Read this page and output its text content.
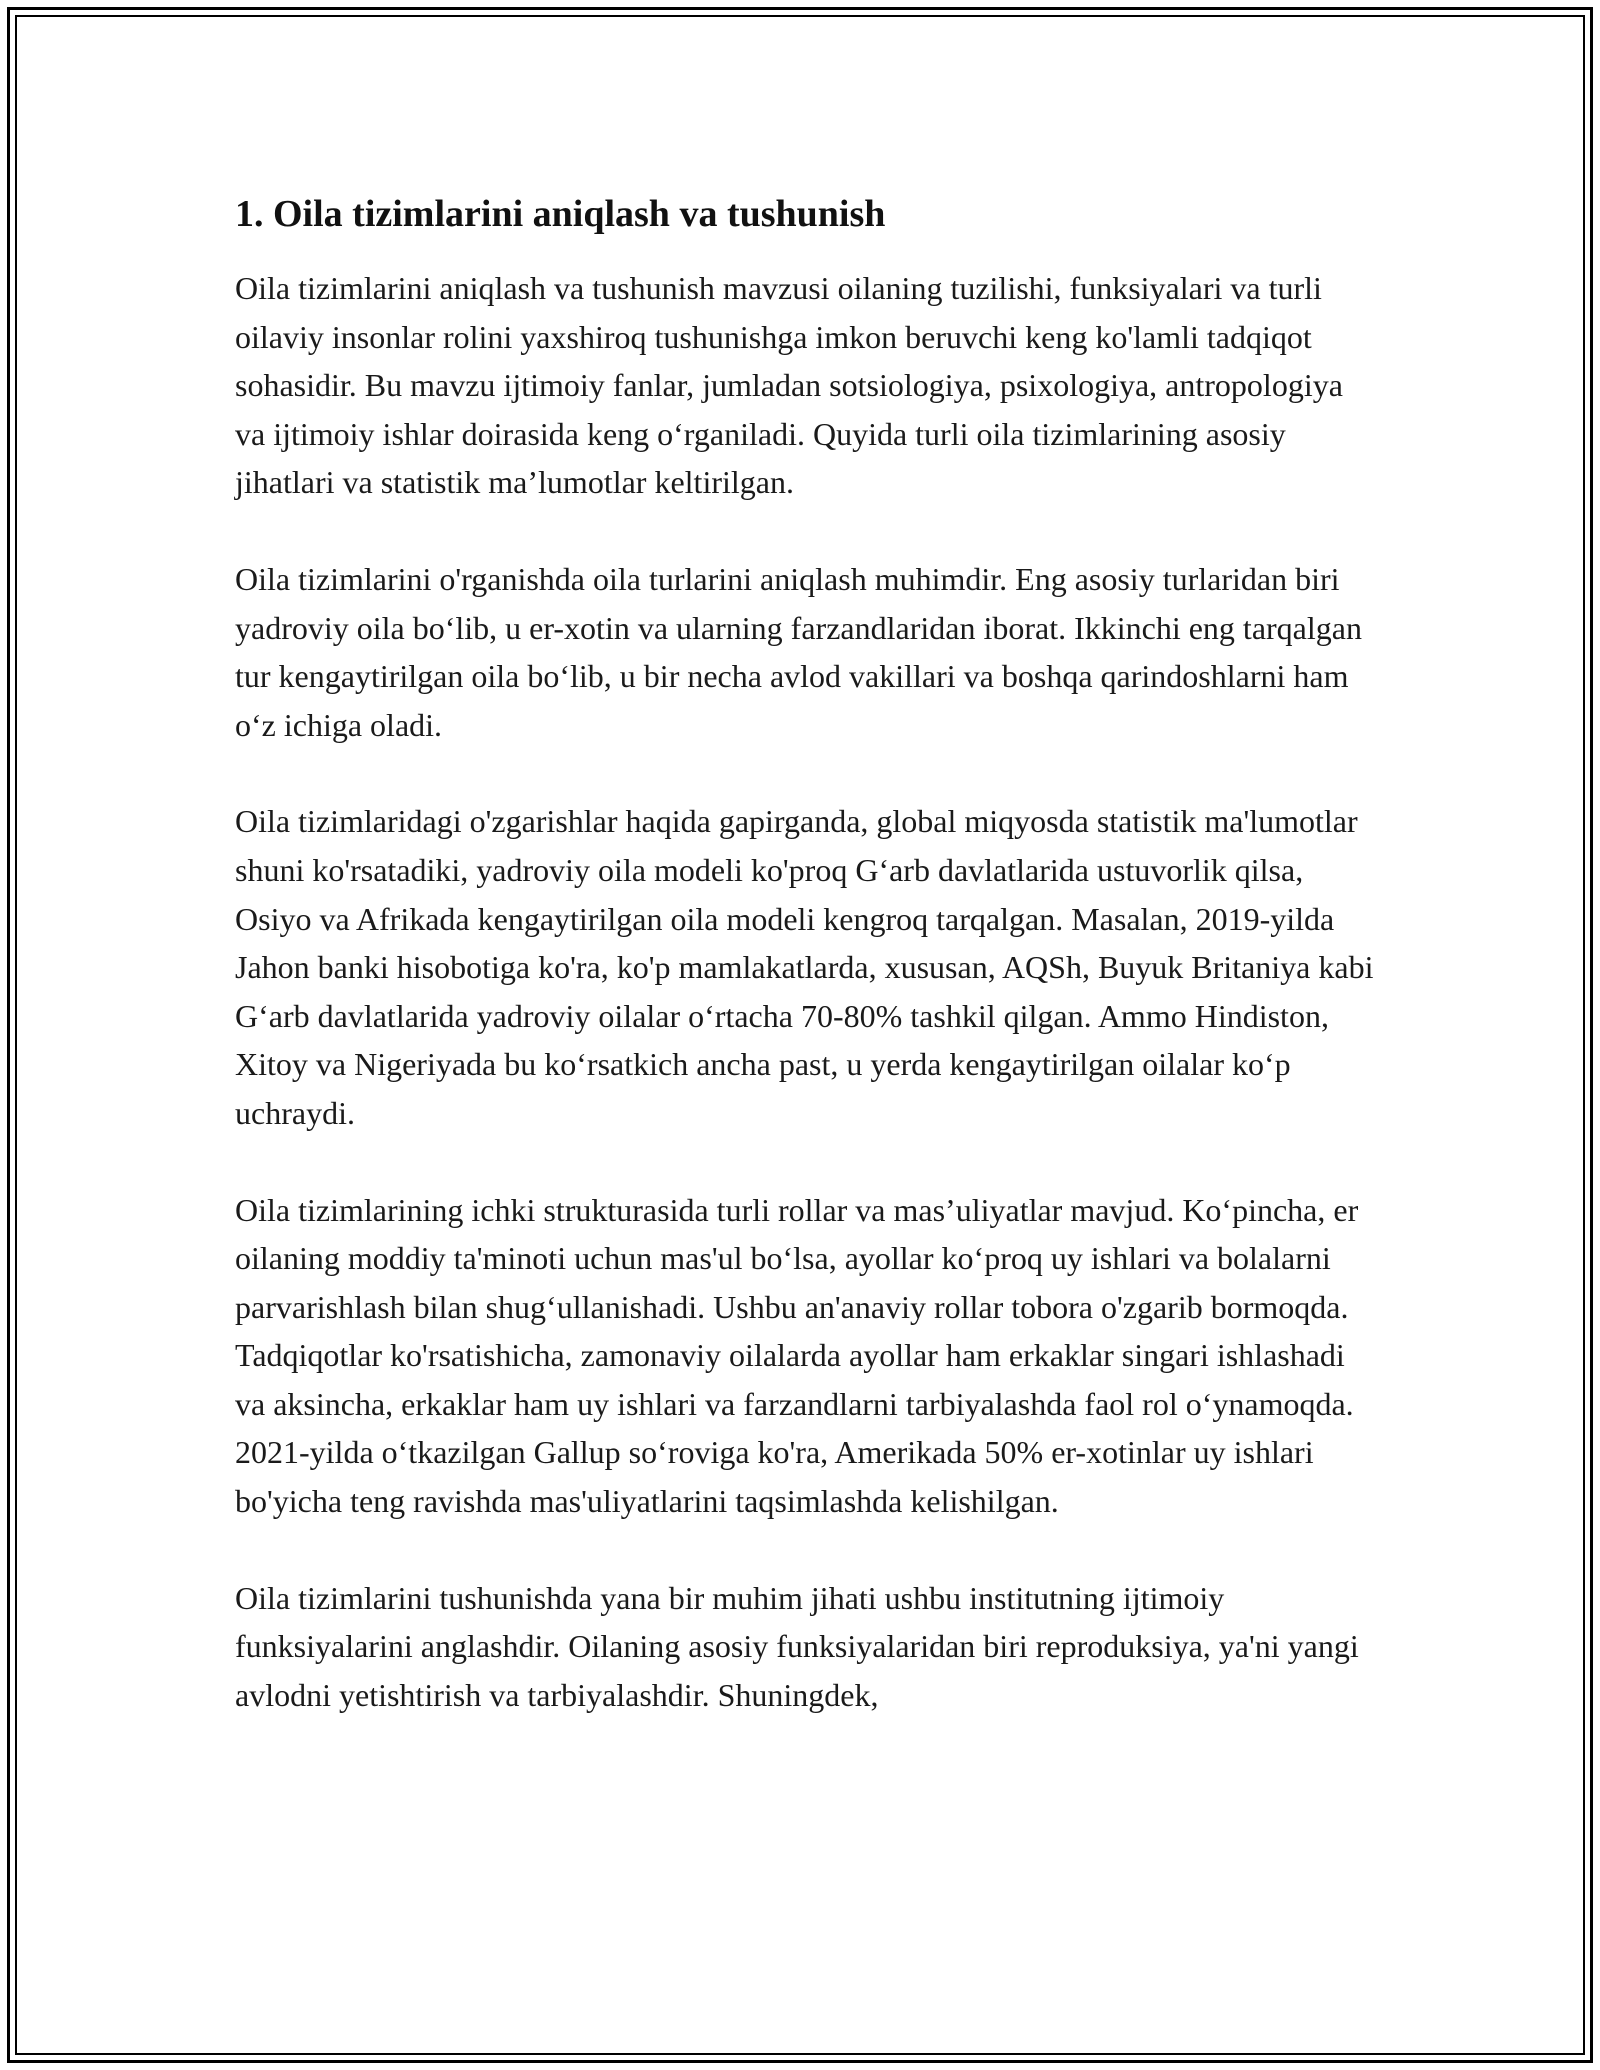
1. Oila tizimlarini aniqlash va tushunish

Oila tizimlarini aniqlash va tushunish mavzusi oilaning tuzilishi, funksiyalari va turli oilaviy insonlar rolini yaxshiroq tushunishga imkon beruvchi keng ko'lamli tadqiqot sohasidir. Bu mavzu ijtimoiy fanlar, jumladan sotsiologiya, psixologiya, antropologiya va ijtimoiy ishlar doirasida keng o‘rganiladi. Quyida turli oila tizimlarining asosiy jihatlari va statistik ma’lumotlar keltirilgan.

Oila tizimlarini o'rganishda oila turlarini aniqlash muhimdir. Eng asosiy turlaridan biri yadroviy oila bo‘lib, u er-xotin va ularning farzandlaridan iborat. Ikkinchi eng tarqalgan tur kengaytirilgan oila bo‘lib, u bir necha avlod vakillari va boshqa qarindoshlarni ham o‘z ichiga oladi.

Oila tizimlaridagi o'zgarishlar haqida gapirganda, global miqyosda statistik ma'lumotlar shuni ko'rsatadiki, yadroviy oila modeli ko'proq G‘arb davlatlarida ustuvorlik qilsa, Osiyo va Afrikada kengaytirilgan oila modeli kengroq tarqalgan. Masalan, 2019-yilda Jahon banki hisobotiga ko'ra, ko'p mamlakatlarda, xususan, AQSh, Buyuk Britaniya kabi G‘arb davlatlarida yadroviy oilalar o‘rtacha 70-80% tashkil qilgan. Ammo Hindiston, Xitoy va Nigeriyada bu ko‘rsatkich ancha past, u yerda kengaytirilgan oilalar ko‘p uchraydi.

Oila tizimlarining ichki strukturasida turli rollar va mas’uliyatlar mavjud. Ko‘pincha, er oilaning moddiy ta'minoti uchun mas'ul bo‘lsa, ayollar ko‘proq uy ishlari va bolalarni parvarishlash bilan shug‘ullanishadi. Ushbu an'anaviy rollar tobora o'zgarib bormoqda. Tadqiqotlar ko'rsatishicha, zamonaviy oilalarda ayollar ham erkaklar singari ishlashadi va aksincha, erkaklar ham uy ishlari va farzandlarni tarbiyalashda faol rol o‘ynamoqda. 2021-yilda o‘tkazilgan Gallup so‘roviga ko'ra, Amerikada 50% er-xotinlar uy ishlari bo'yicha teng ravishda mas'uliyatlarini taqsimlashda kelishilgan.

Oila tizimlarini tushunishda yana bir muhim jihati ushbu institutning ijtimoiy funksiyalarini anglashdir. Oilaning asosiy funksiyalaridan biri reproduksiya, ya'ni yangi avlodni yetishtirish va tarbiyalashdir. Shuningdek,
